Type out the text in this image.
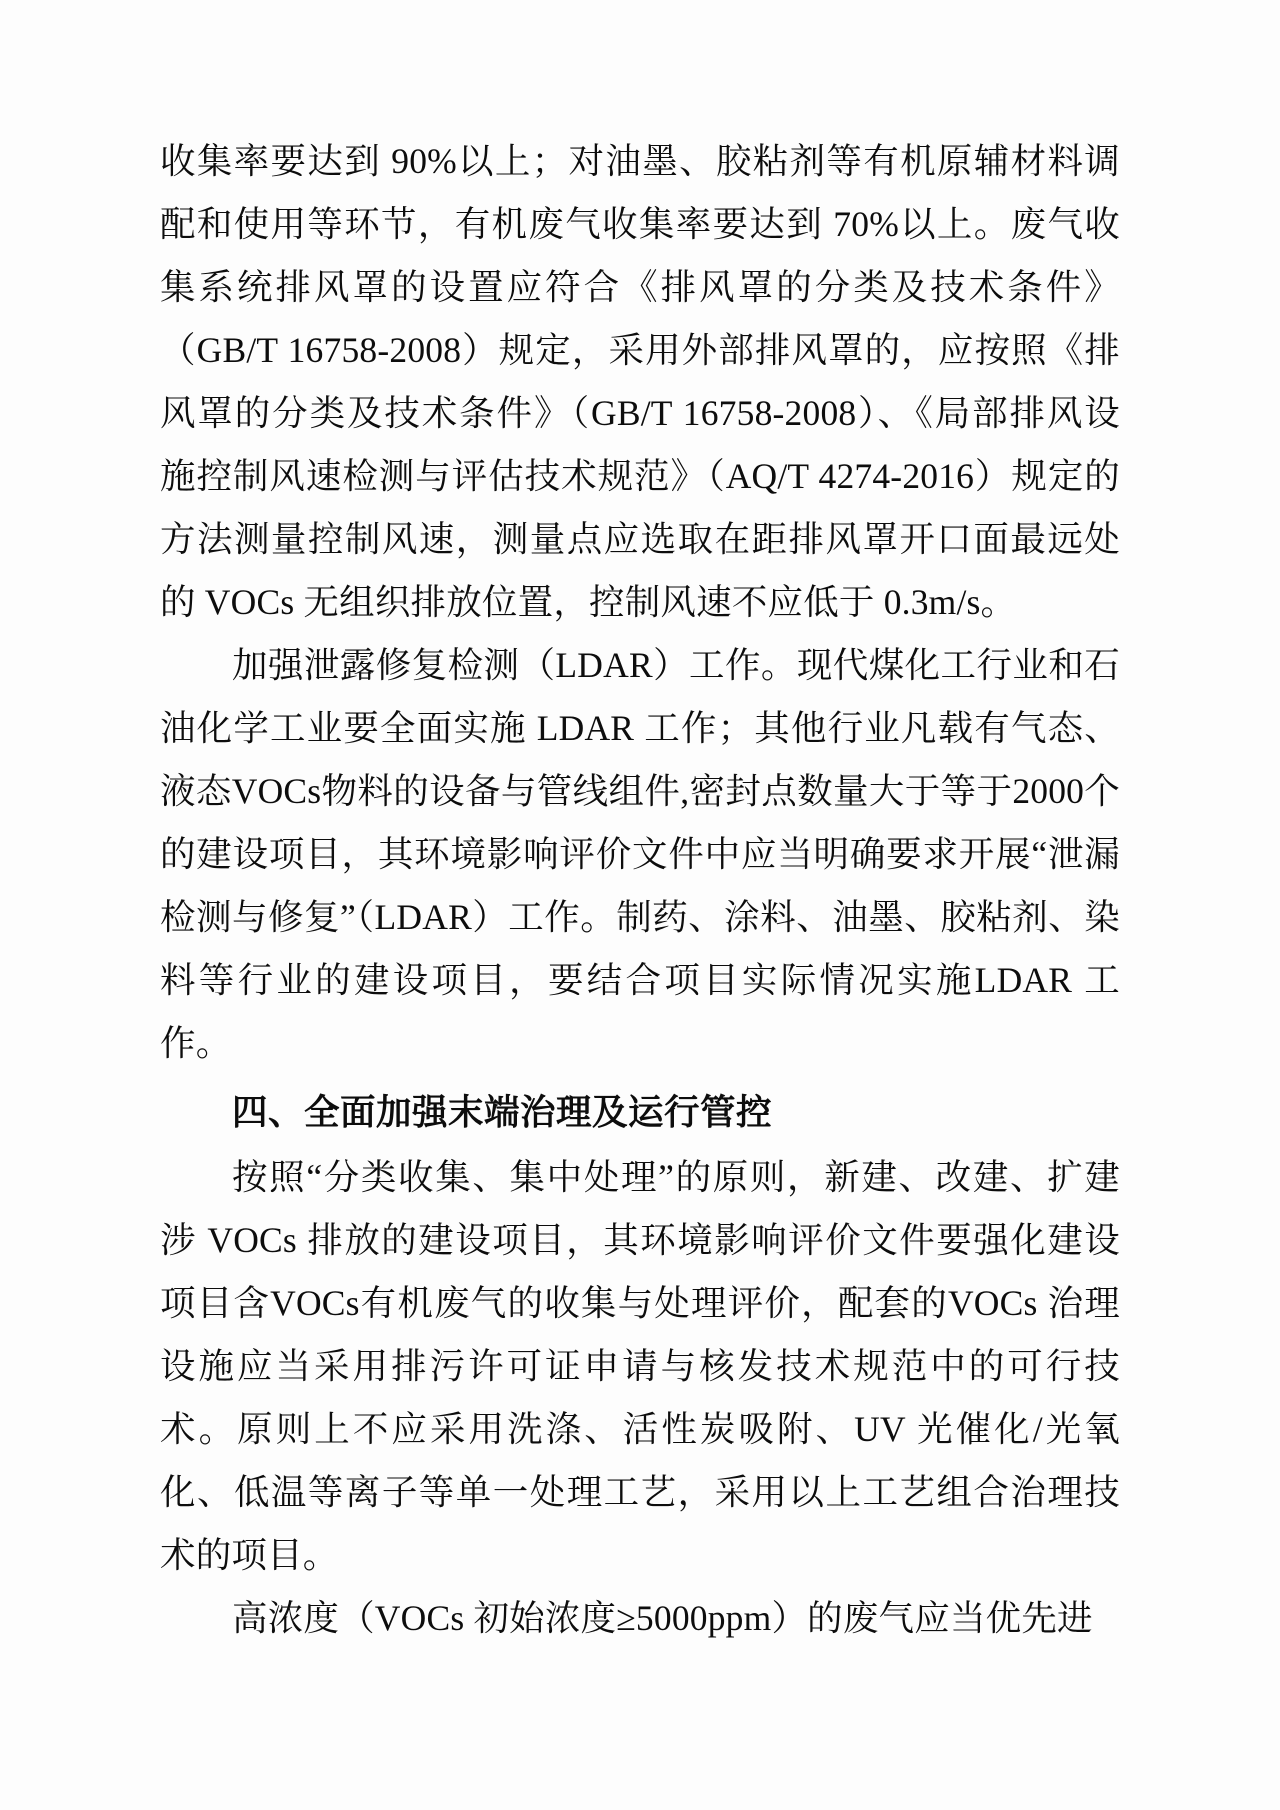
收集率要达到 90%以上；对油墨、胶粘剂等有机原辅材料调配和使用等环节，有机废气收集率要达到 70%以上。废气收集系统排风罩的设置应符合《排风罩的分类及技术条件》（GB/T 16758-2008）规定，采用外部排风罩的，应按照《排风罩的分类及技术条件》（GB/T 16758-2008）、《局部排风设施控制风速检测与评估技术规范》（AQ/T 4274-2016）规定的方法测量控制风速，测量点应选取在距排风罩开口面最远处的 VOCs 无组织排放位置，控制风速不应低于 0.3m/s。

加强泄露修复检测（LDAR）工作。现代煤化工行业和石油化学工业要全面实施 LDAR 工作；其他行业凡载有气态、液态VOCs物料的设备与管线组件,密封点数量大于等于2000个的建设项目，其环境影响评价文件中应当明确要求开展“泄漏检测与修复”（LDAR）工作。制药、涂料、油墨、胶粘剂、染料等行业的建设项目，要结合项目实际情况实施LDAR 工作。

四、全面加强末端治理及运行管控

按照“分类收集、集中处理”的原则，新建、改建、扩建涉 VOCs 排放的建设项目，其环境影响评价文件要强化建设项目含VOCs有机废气的收集与处理评价，配套的VOCs 治理设施应当采用排污许可证申请与核发技术规范中的可行技术。原则上不应采用洗涤、活性炭吸附、UV 光催化/光氧化、低温等离子等单一处理工艺，采用以上工艺组合治理技术的项目。

高浓度（VOCs 初始浓度≥5000ppm）的废气应当优先进
